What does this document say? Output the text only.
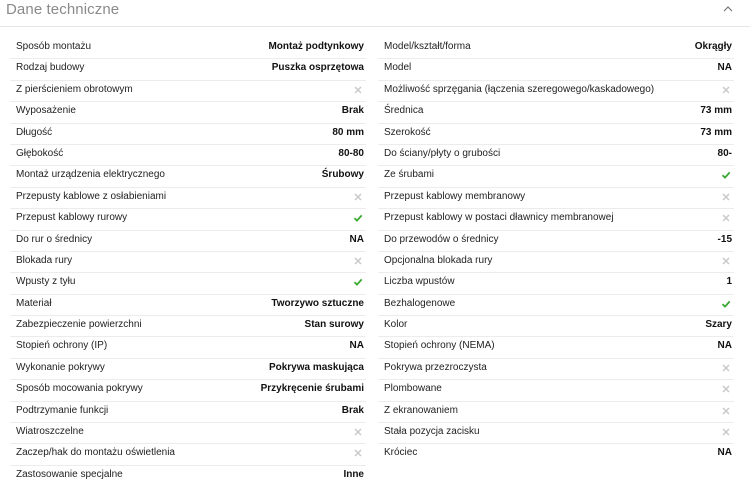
Dane techniczne
Sposób montażu	Montaż podtynkowy
Rodzaj budowy	Puszka osprzętowa
Z pierścieniem obrotowym
Wyposażenie	Brak
Długość	80 mm
Głębokość	80-80
Montaż urządzenia elektrycznego	Śrubowy
Przepusty kablowe z osłabieniami
Przepust kablowy rurowy
Do rur o średnicy	NA
Blokada rury
Wpusty z tyłu
Materiał	Tworzywo sztuczne
Zabezpieczenie powierzchni	Stan surowy
Stopień ochrony (IP)	NA
Wykonanie pokrywy	Pokrywa maskująca
Sposób mocowania pokrywy	Przykręcenie śrubami
Podtrzymanie funkcji	Brak
Wiatroszczelne
Zaczep/hak do montażu oświetlenia
Zastosowanie specjalne	Inne
Model/kształt/forma	Okrągły
Model	NA
Możliwość sprzęgania (łączenia szeregowego/kaskadowego)
Średnica	73 mm
Szerokość	73 mm
Do ściany/płyty o grubości	80-
Ze śrubami
Przepust kablowy membranowy
Przepust kablowy w postaci dławnicy membranowej
Do przewodów o średnicy	-15
Opcjonalna blokada rury
Liczba wpustów	1
Bezhalogenowe
Kolor	Szary
Stopień ochrony (NEMA)	NA
Pokrywa przezroczysta
Plombowane
Z ekranowaniem
Stała pozycja zacisku
Króciec	NA
